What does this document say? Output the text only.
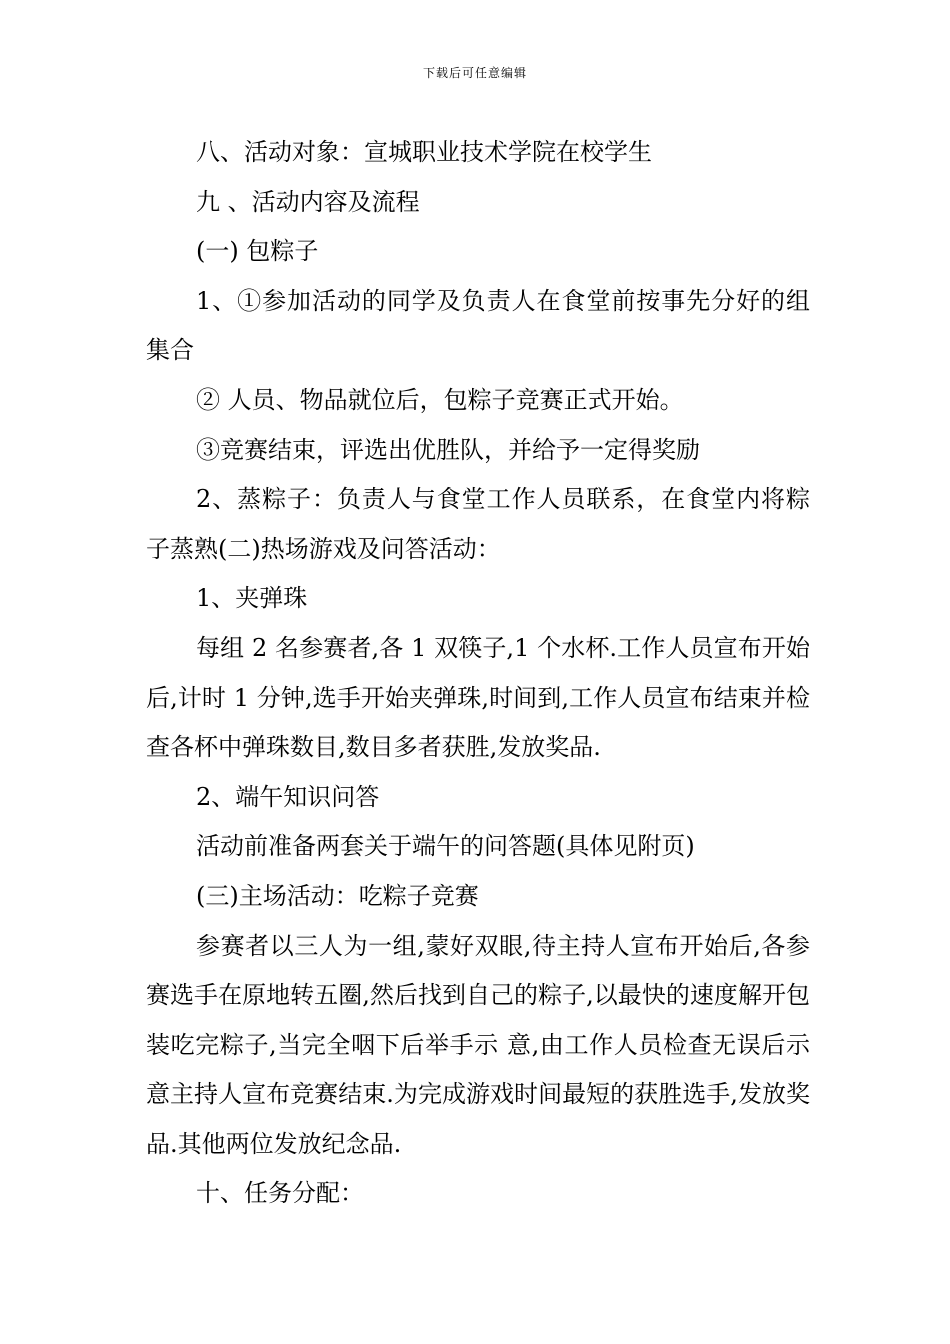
下载后可任意编辑

八、活动对象：宣城职业技术学院在校学生

九 、活动内容及流程

(一) 包粽子

1、①参加活动的同学及负责人在食堂前按事先分好的组集合

② 人员、物品就位后，包粽子竞赛正式开始。

③竞赛结束，评选出优胜队，并给予一定得奖励

2、蒸粽子：负责人与食堂工作人员联系，在食堂内将粽子蒸熟(二)热场游戏及问答活动：

1、夹弹珠

每组 2 名参赛者,各 1 双筷子,1 个水杯.工作人员宣布开始后,计时 1 分钟,选手开始夹弹珠,时间到,工作人员宣布结束并检查各杯中弹珠数目,数目多者获胜,发放奖品.

2、端午知识问答

活动前准备两套关于端午的问答题(具体见附页)

(三)主场活动：吃粽子竞赛

参赛者以三人为一组,蒙好双眼,待主持人宣布开始后,各参赛选手在原地转五圈,然后找到自己的粽子,以最快的速度解开包装吃完粽子,当完全咽下后举手示 意,由工作人员检查无误后示意主持人宣布竞赛结束.为完成游戏时间最短的获胜选手,发放奖品.其他两位发放纪念品.

十、任务分配：
